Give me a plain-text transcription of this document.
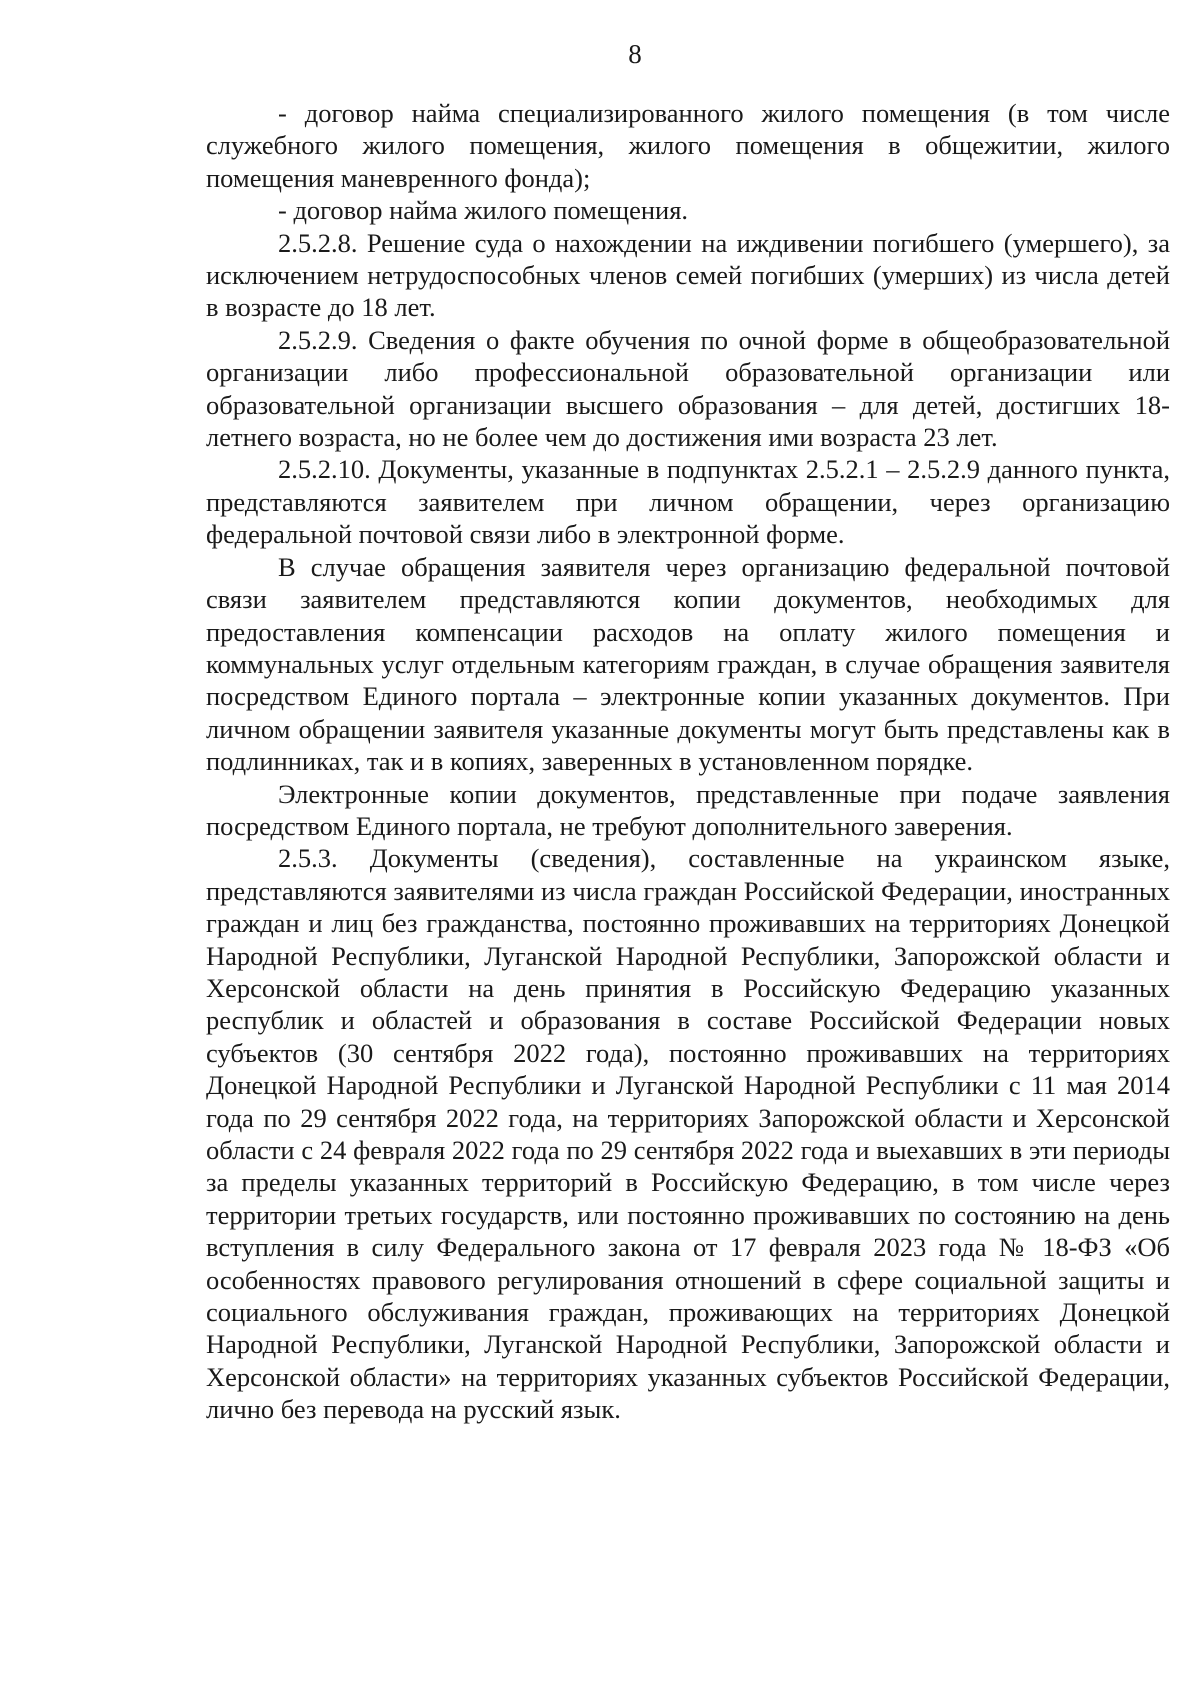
8

- договор найма специализированного жилого помещения (в том числе служебного жилого помещения, жилого помещения в общежитии, жилого помещения маневренного фонда);

- договор найма жилого помещения.

2.5.2.8. Решение суда о нахождении на иждивении погибшего (умершего), за исключением нетрудоспособных членов семей погибших (умерших) из числа детей в возрасте до 18 лет.

2.5.2.9. Сведения о факте обучения по очной форме в общеобразовательной организации либо профессиональной образовательной организации или образовательной организации высшего образования – для детей, достигших 18-летнего возраста, но не более чем до достижения ими возраста 23 лет.

2.5.2.10. Документы, указанные в подпунктах 2.5.2.1 – 2.5.2.9 данного пункта, представляются заявителем при личном обращении, через организацию федеральной почтовой связи либо в электронной форме.

В случае обращения заявителя через организацию федеральной почтовой связи заявителем представляются копии документов, необходимых для предоставления компенсации расходов на оплату жилого помещения и коммунальных услуг отдельным категориям граждан, в случае обращения заявителя посредством Единого портала – электронные копии указанных документов. При личном обращении заявителя указанные документы могут быть представлены как в подлинниках, так и в копиях, заверенных в установленном порядке.

Электронные копии документов, представленные при подаче заявления посредством Единого портала, не требуют дополнительного заверения.

2.5.3. Документы (сведения), составленные на украинском языке, представляются заявителями из числа граждан Российской Федерации, иностранных граждан и лиц без гражданства, постоянно проживавших на территориях Донецкой Народной Республики, Луганской Народной Республики, Запорожской области и Херсонской области на день принятия в Российскую Федерацию указанных республик и областей и образования в составе Российской Федерации новых субъектов (30 сентября 2022 года), постоянно проживавших на территориях Донецкой Народной Республики и Луганской Народной Республики с 11 мая 2014 года по 29 сентября 2022 года, на территориях Запорожской области и Херсонской области с 24 февраля 2022 года по 29 сентября 2022 года и выехавших в эти периоды за пределы указанных территорий в Российскую Федерацию, в том числе через территории третьих государств, или постоянно проживавших по состоянию на день вступления в силу Федерального закона от 17 февраля 2023 года № 18-ФЗ «Об особенностях правового регулирования отношений в сфере социальной защиты и социального обслуживания граждан, проживающих на территориях Донецкой Народной Республики, Луганской Народной Республики, Запорожской области и Херсонской области» на территориях указанных субъектов Российской Федерации, лично без перевода на русский язык.
